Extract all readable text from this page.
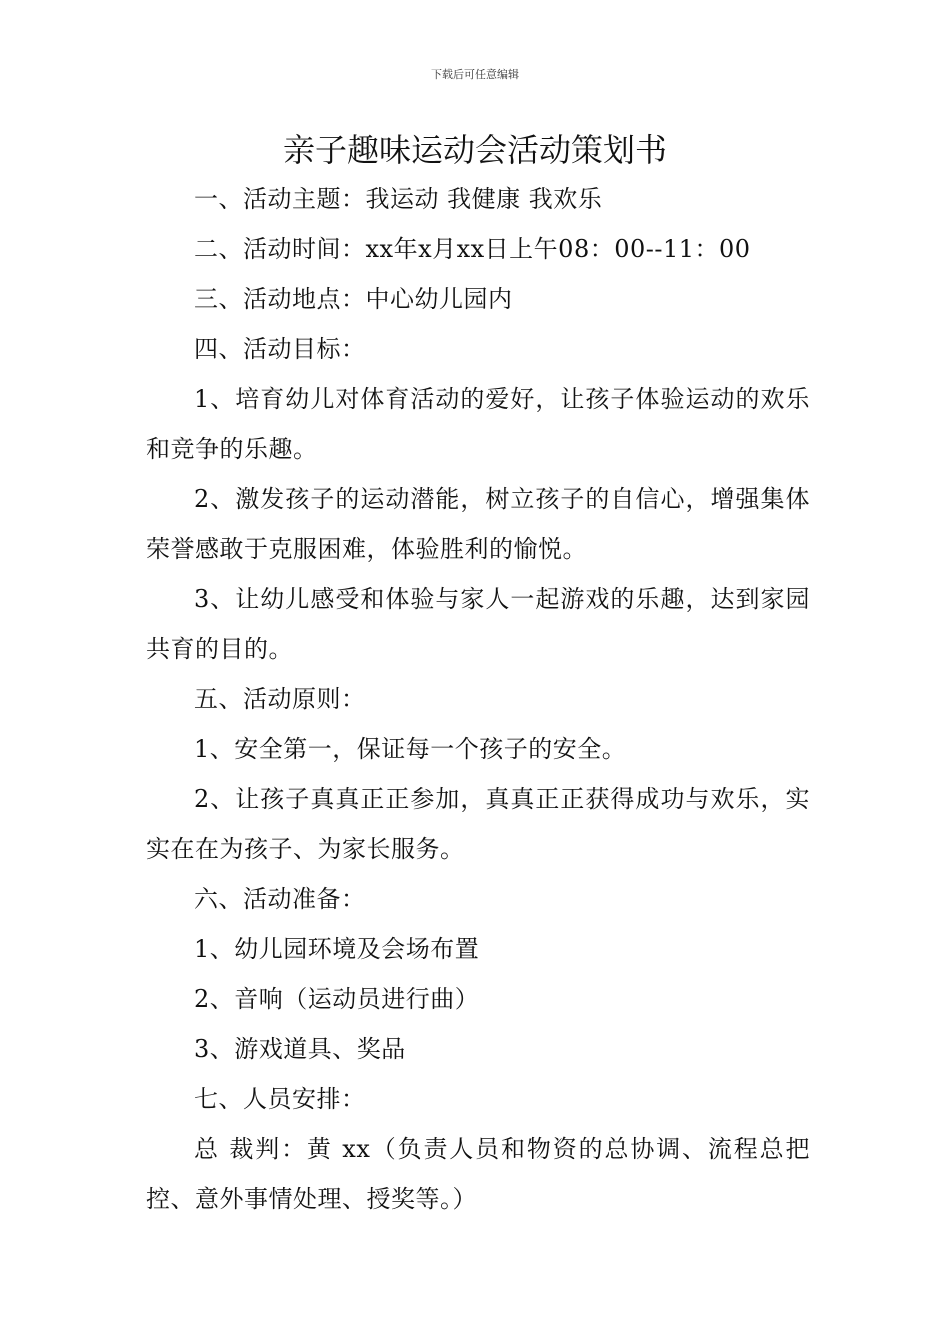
下载后可任意编辑
亲子趣味运动会活动策划书

一、活动主题：我运动 我健康 我欢乐

二、活动时间：xx年x月xx日上午08：00--11：00

三、活动地点：中心幼儿园内

四、活动目标：

1、培育幼儿对体育活动的爱好，让孩子体验运动的欢乐和竞争的乐趣。

2、激发孩子的运动潜能，树立孩子的自信心，增强集体荣誉感敢于克服困难，体验胜利的愉悦。

3、让幼儿感受和体验与家人一起游戏的乐趣，达到家园共育的目的。

五、活动原则：

1、安全第一，保证每一个孩子的安全。

2、让孩子真真正正参加，真真正正获得成功与欢乐，实实在在为孩子、为家长服务。

六、活动准备：

1、幼儿园环境及会场布置

2、音响（运动员进行曲）

3、游戏道具、奖品

七、人员安排：

总 裁判：黄 xx（负责人员和物资的总协调、流程总把控、意外事情处理、授奖等。）
